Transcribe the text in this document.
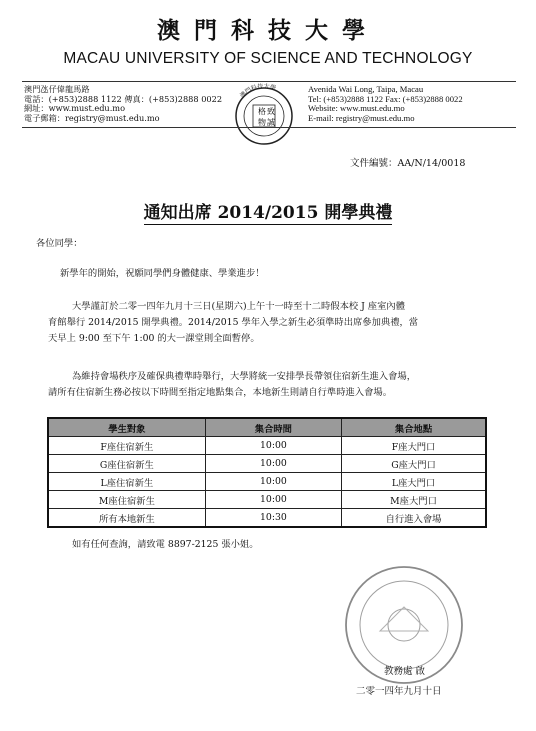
澳門科技大學
MACAU UNIVERSITY OF SCIENCE AND TECHNOLOGY
澳門氹仔偉龍馬路
電話：(+853)2888 1122 傳真：(+853)2888 0022
網址：www.must.edu.mo
電子郵箱：registry@must.edu.mo
澳門科技大學
格 致
物 誠
Avenida Wai Long, Taipa, Macau
Tel: (+853)2888 1122 Fax: (+853)2888 0022
Website: www.must.edu.mo
E-mail: registry@must.edu.mo
文件編號：AA/N/14/0018
通知出席 2014/2015 開學典禮
各位同學：
新學年的開始，祝願同學們身體健康、學業進步！
大學謹訂於二零一四年九月十三日(星期六)上午十一時至十二時假本校 J 座室內體
育館舉行 2014/2015 開學典禮。2014/2015 學年入學之新生必須準時出席參加典禮，當
天早上 9:00 至下午 1:00 的大一課堂則全面暫停。
為維持會場秩序及確保典禮準時舉行，大學將統一安排學長帶領住宿新生進入會場，
請所有住宿新生務必按以下時間至指定地點集合，本地新生則請自行準時進入會場。
學生對象	集合時間	集合地點
F座住宿新生	10:00	F座大門口
G座住宿新生	10:00	G座大門口
L座住宿新生	10:00	L座大門口
M座住宿新生	10:00	M座大門口
所有本地新生	10:30	自行進入會場
如有任何查詢，請致電 8897-2125 張小姐。
教務處 啟
二零一四年九月十日
